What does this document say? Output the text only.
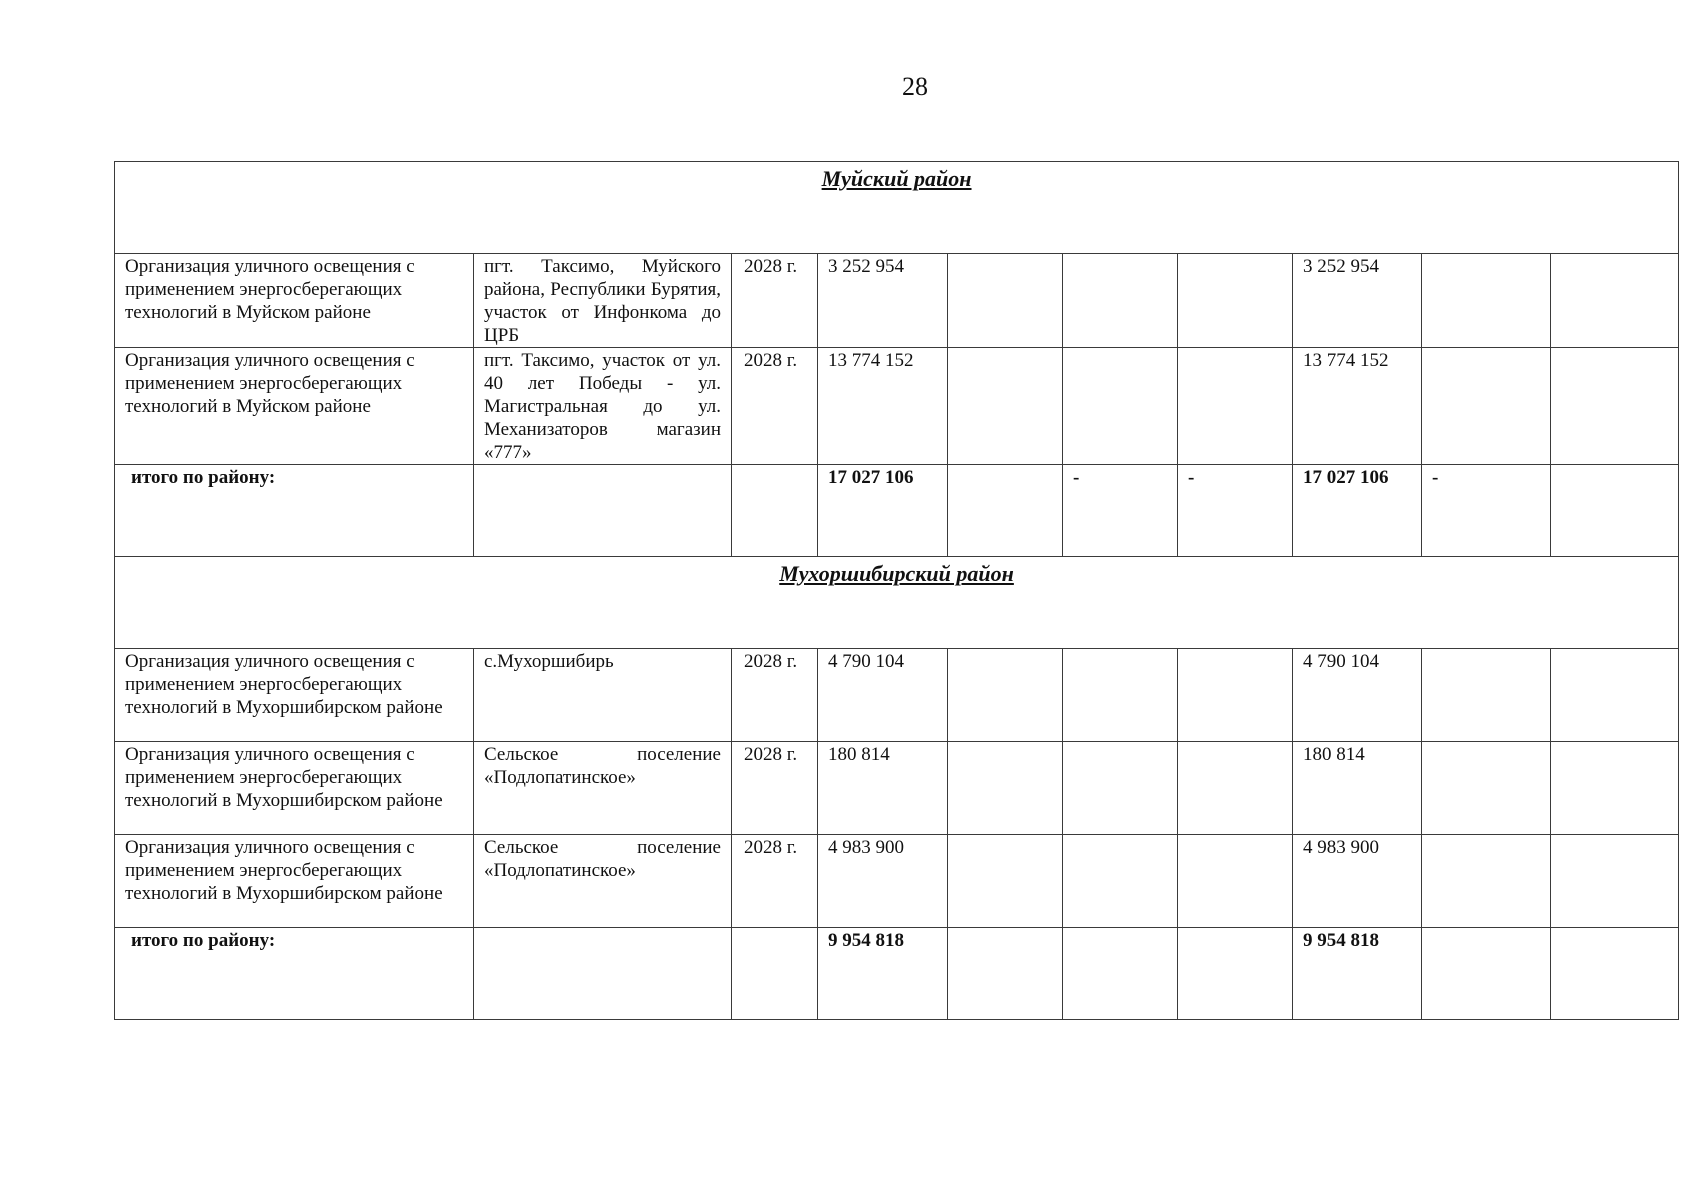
28
Муйский район									
Организация уличного освещения с применением энергосберегающих технологий в Муйском районе	пгт. Таксимо, Муйского района, Республики Бурятия, участок от Инфонкома до ЦРБ	2028 г.	3 252 954				3 252 954		
Организация уличного освещения с применением энергосберегающих технологий в Муйском районе	пгт. Таксимо, участок от ул. 40 лет Победы - ул. Магистральная до ул. Механизаторов магазин «777»	2028 г.	13 774 152				13 774 152		
итого по району:			17 027 106		-	-	17 027 106	-	
Мухоршибирский район									
Организация уличного освещения с применением энергосберегающих технологий в Мухоршибирском районе	с.Мухоршибирь	2028 г.	4 790 104				4 790 104		
Организация уличного освещения с применением энергосберегающих технологий в Мухоршибирском районе	Сельское поселение «Подлопатинское»	2028 г.	180 814				180 814		
Организация уличного освещения с применением энергосберегающих технологий в Мухоршибирском районе	Сельское поселение «Подлопатинское»	2028 г.	4 983 900				4 983 900		
итого по району:			9 954 818				9 954 818		
